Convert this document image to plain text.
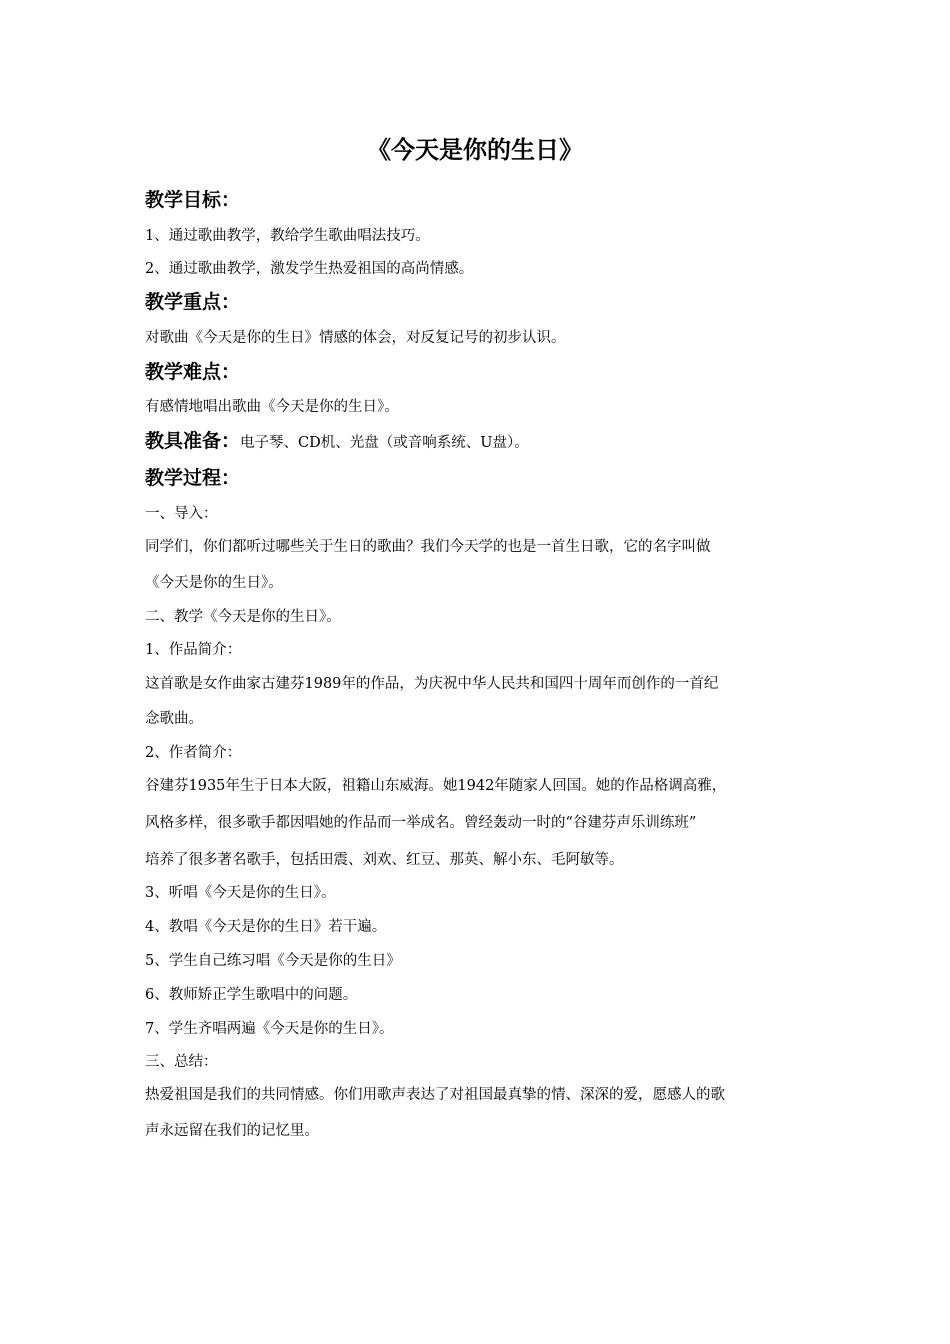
《今天是你的生日》
教学目标：
1、通过歌曲教学，教给学生歌曲唱法技巧。
2、通过歌曲教学，激发学生热爱祖国的高尚情感。
教学重点：
对歌曲《今天是你的生日》情感的体会，对反复记号的初步认识。
教学难点：
有感情地唱出歌曲《今天是你的生日》。
教具准备：电子琴、CD机、光盘（或音响系统、U盘）。
教学过程：
一、导入：
同学们，你们都听过哪些关于生日的歌曲？我们今天学的也是一首生日歌，它的名字叫做
《今天是你的生日》。
二、教学《今天是你的生日》。
1、作品简介：
这首歌是女作曲家古建芬1989年的作品，为庆祝中华人民共和国四十周年而创作的一首纪
念歌曲。
2、作者简介：
谷建芬1935年生于日本大阪，祖籍山东威海。她1942年随家人回国。她的作品格调高雅，
风格多样，很多歌手都因唱她的作品而一举成名。曾经轰动一时的“谷建芬声乐训练班”
培养了很多著名歌手，包括田震、刘欢、红豆、那英、解小东、毛阿敏等。
3、听唱《今天是你的生日》。
4、教唱《今天是你的生日》若干遍。
5、学生自己练习唱《今天是你的生日》
6、教师矫正学生歌唱中的问题。
7、学生齐唱两遍《今天是你的生日》。
三、总结：
热爱祖国是我们的共同情感。你们用歌声表达了对祖国最真挚的情、深深的爱，愿感人的歌
声永远留在我们的记忆里。
